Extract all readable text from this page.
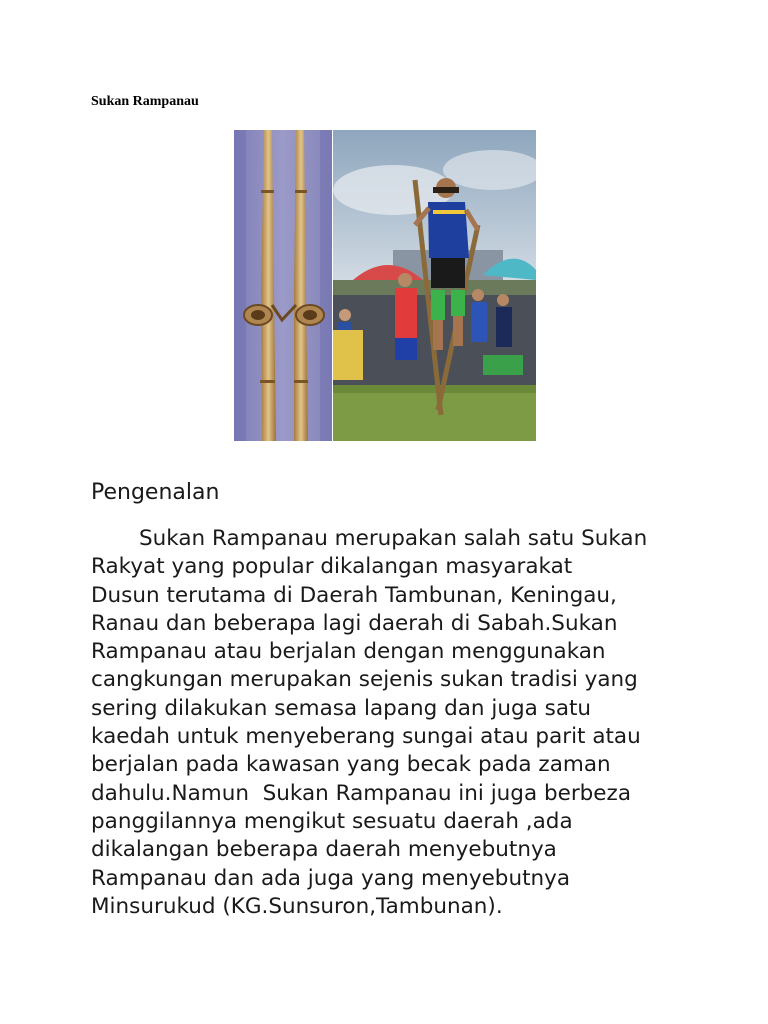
Sukan Rampanau
Pengenalan

Sukan Rampanau merupakan salah satu Sukan
Rakyat yang popular dikalangan masyarakat
Dusun terutama di Daerah Tambunan, Keningau,
Ranau dan beberapa lagi daerah di Sabah.Sukan
Rampanau atau berjalan dengan menggunakan
cangkungan merupakan sejenis sukan tradisi yang
sering dilakukan semasa lapang dan juga satu
kaedah untuk menyeberang sungai atau parit atau
berjalan pada kawasan yang becak pada zaman
dahulu.Namun  Sukan Rampanau ini juga berbeza
panggilannya mengikut sesuatu daerah ,ada
dikalangan beberapa daerah menyebutnya
Rampanau dan ada juga yang menyebutnya
Minsurukud (KG.Sunsuron,Tambunan).
